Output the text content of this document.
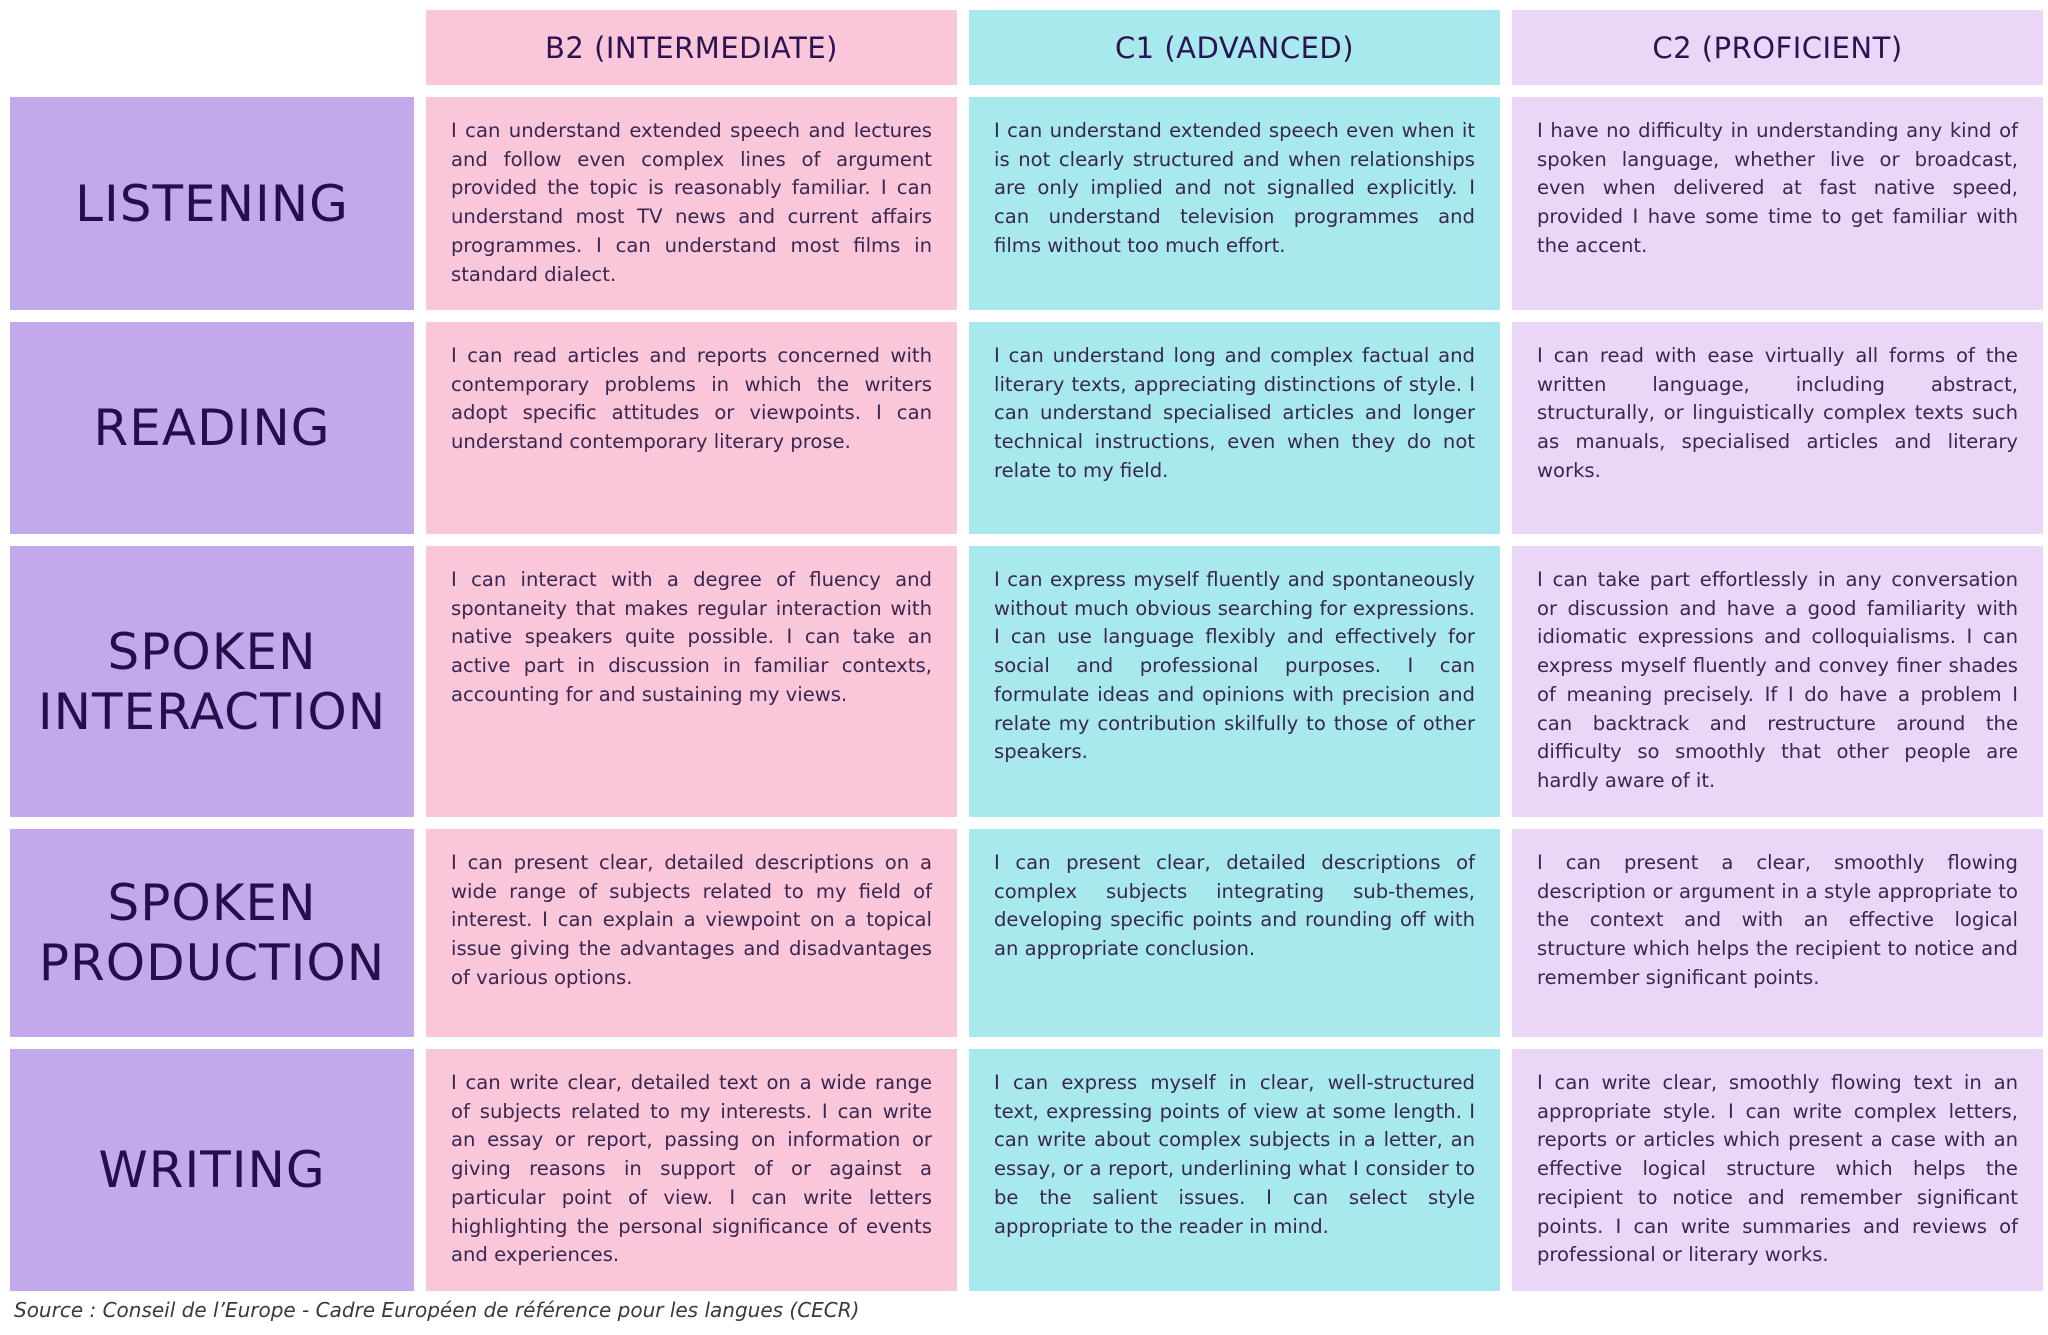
B2 (INTERMEDIATE)	C1 (ADVANCED)	C2 (PROFICIENT)
LISTENING
I can understand extended speech and lectures and follow even complex lines of argument provided the topic is reasonably familiar. I can understand most TV news and current affairs programmes. I can understand most films in standard dialect.
I can understand extended speech even when it is not clearly structured and when relationships are only implied and not signalled explicitly. I can understand television programmes and films without too much effort.
I have no difficulty in understanding any kind of spoken language, whether live or broadcast, even when delivered at fast native speed, provided I have some time to get familiar with the accent.
READING
I can read articles and reports concerned with contemporary problems in which the writers adopt specific attitudes or viewpoints. I can understand contemporary literary prose.
I can understand long and complex factual and literary texts, appreciating distinctions of style. I can understand specialised articles and longer technical instructions, even when they do not relate to my field.
I can read with ease virtually all forms of the written language, including abstract, structurally, or linguistically complex texts such as manuals, specialised articles and literary works.
SPOKEN
INTERACTION
I can interact with a degree of fluency and spontaneity that makes regular interaction with native speakers quite possible. I can take an active part in discussion in familiar contexts, accounting for and sustaining my views.
I can express myself fluently and spontaneously without much obvious searching for expressions. I can use language flexibly and effectively for social and professional purposes. I can formulate ideas and opinions with precision and relate my contribution skilfully to those of other speakers.
I can take part effortlessly in any conversation or discussion and have a good familiarity with idiomatic expressions and colloquialisms. I can express myself fluently and convey finer shades of meaning precisely. If I do have a problem I can backtrack and restructure around the difficulty so smoothly that other people are hardly aware of it.
SPOKEN
PRODUCTION
I can present clear, detailed descriptions on a wide range of subjects related to my field of interest. I can explain a viewpoint on a topical issue giving the advantages and disadvantages of various options.
I can present clear, detailed descriptions of complex subjects integrating sub-themes, developing specific points and rounding off with an appropriate conclusion.
I can present a clear, smoothly flowing description or argument in a style appropriate to the context and with an effective logical structure which helps the recipient to notice and remember significant points.
WRITING
I can write clear, detailed text on a wide range of subjects related to my interests. I can write an essay or report, passing on information or giving reasons in support of or against a particular point of view. I can write letters highlighting the personal significance of events and experiences.
I can express myself in clear, well-structured text, expressing points of view at some length. I can write about complex subjects in a letter, an essay, or a report, underlining what I consider to be the salient issues. I can select style appropriate to the reader in mind.
I can write clear, smoothly flowing text in an appropriate style. I can write complex letters, reports or articles which present a case with an effective logical structure which helps the recipient to notice and remember significant points. I can write summaries and reviews of professional or literary works.
Source : Conseil de l’Europe - Cadre Européen de référence pour les langues (CECR)
